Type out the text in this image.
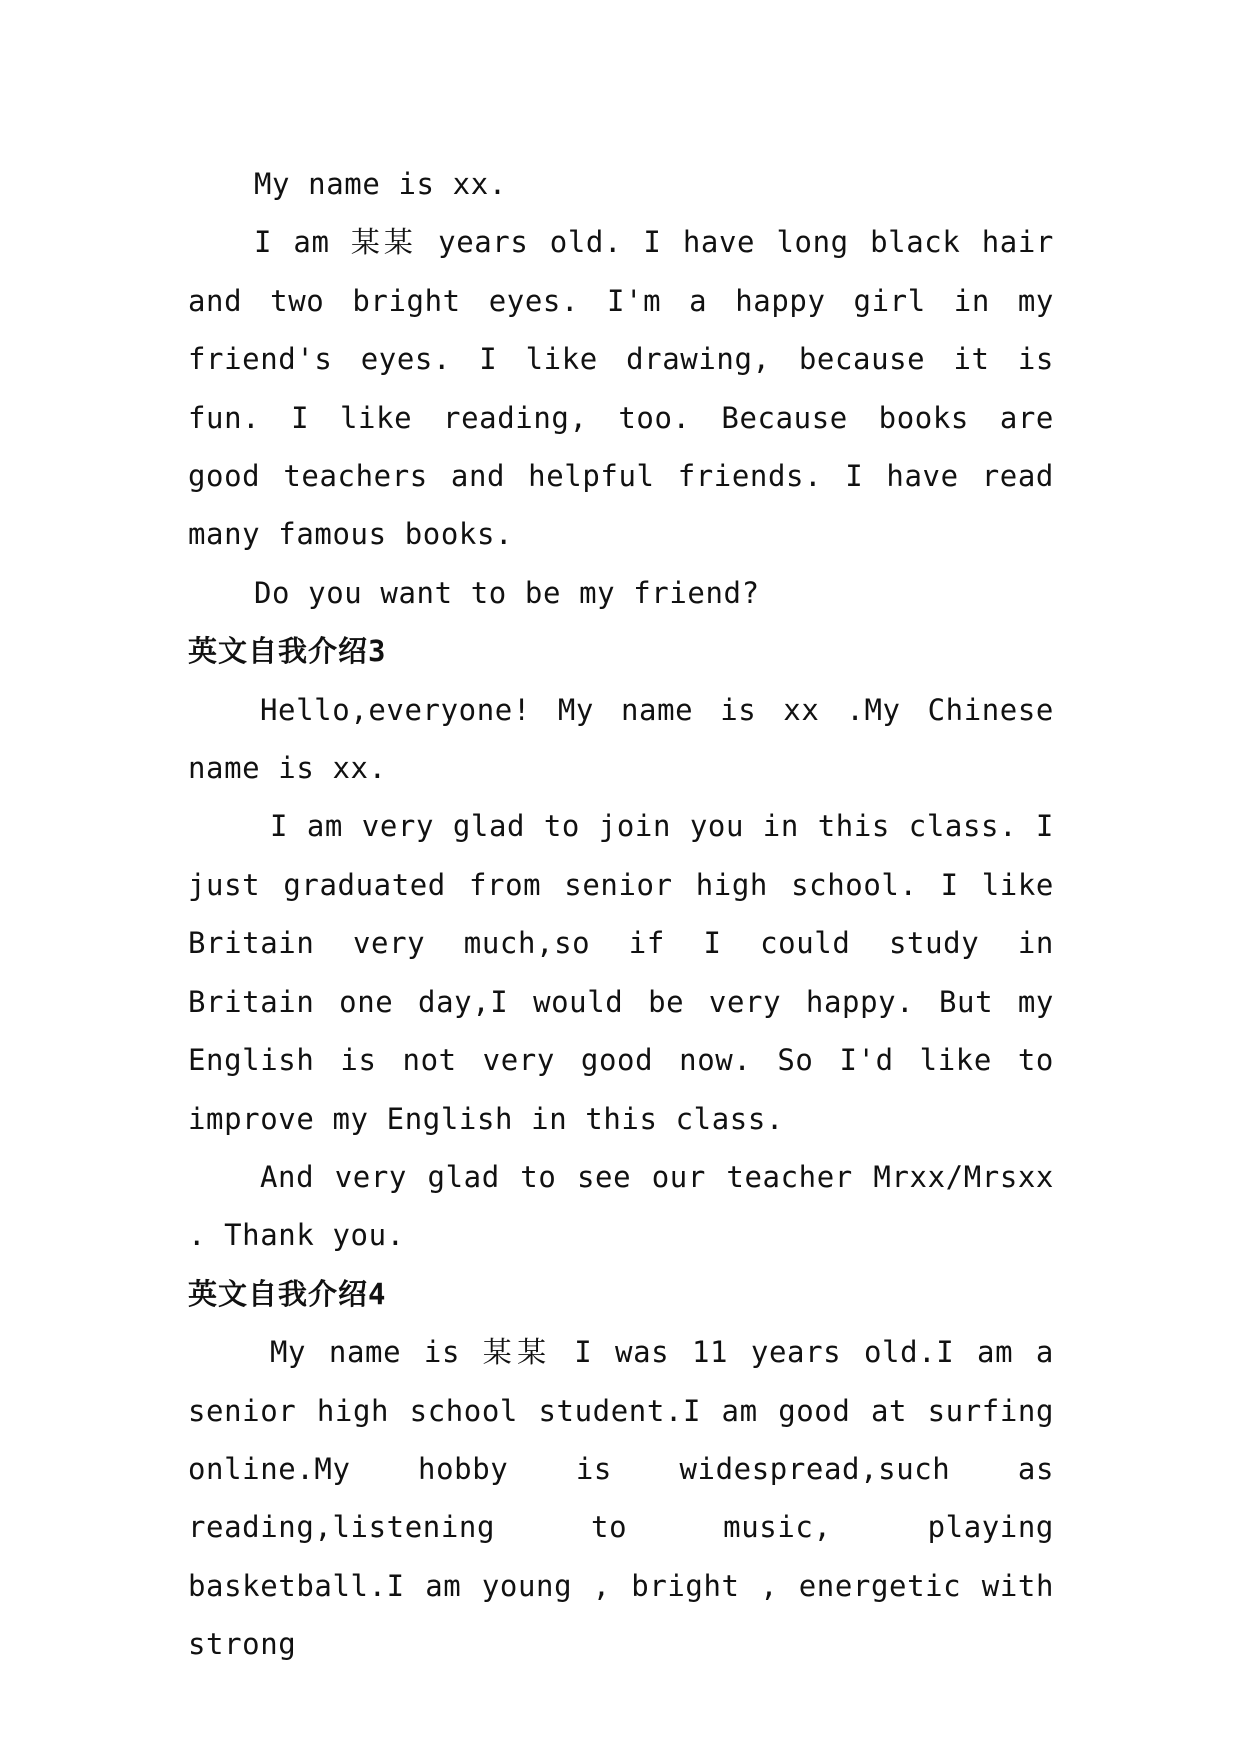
My name is xx.

I am 某某 years old. I have long black hair and two bright eyes. I'm a happy girl in my friend's eyes. I like drawing, because it is fun. I like reading, too. Because books are good teachers and helpful friends. I have read many famous books.

Do you want to be my friend?

英文自我介绍3

Hello,everyone! My name is xx .My Chinese name is xx.

I am very glad to join you in this class. I just graduated from senior high school. I like Britain very much,so if I could study in Britain one day,I would be very happy. But my English is not very good now. So I'd like to improve my English in this class.

And very glad to see our teacher Mrxx/Mrsxx . Thank you.

英文自我介绍4

My name is 某某 I was 11 years old.I am a senior high school student.I am good at surfing online.My hobby is widespread,such as reading,listening to music, playing basketball.I am young , bright , energetic with strong
